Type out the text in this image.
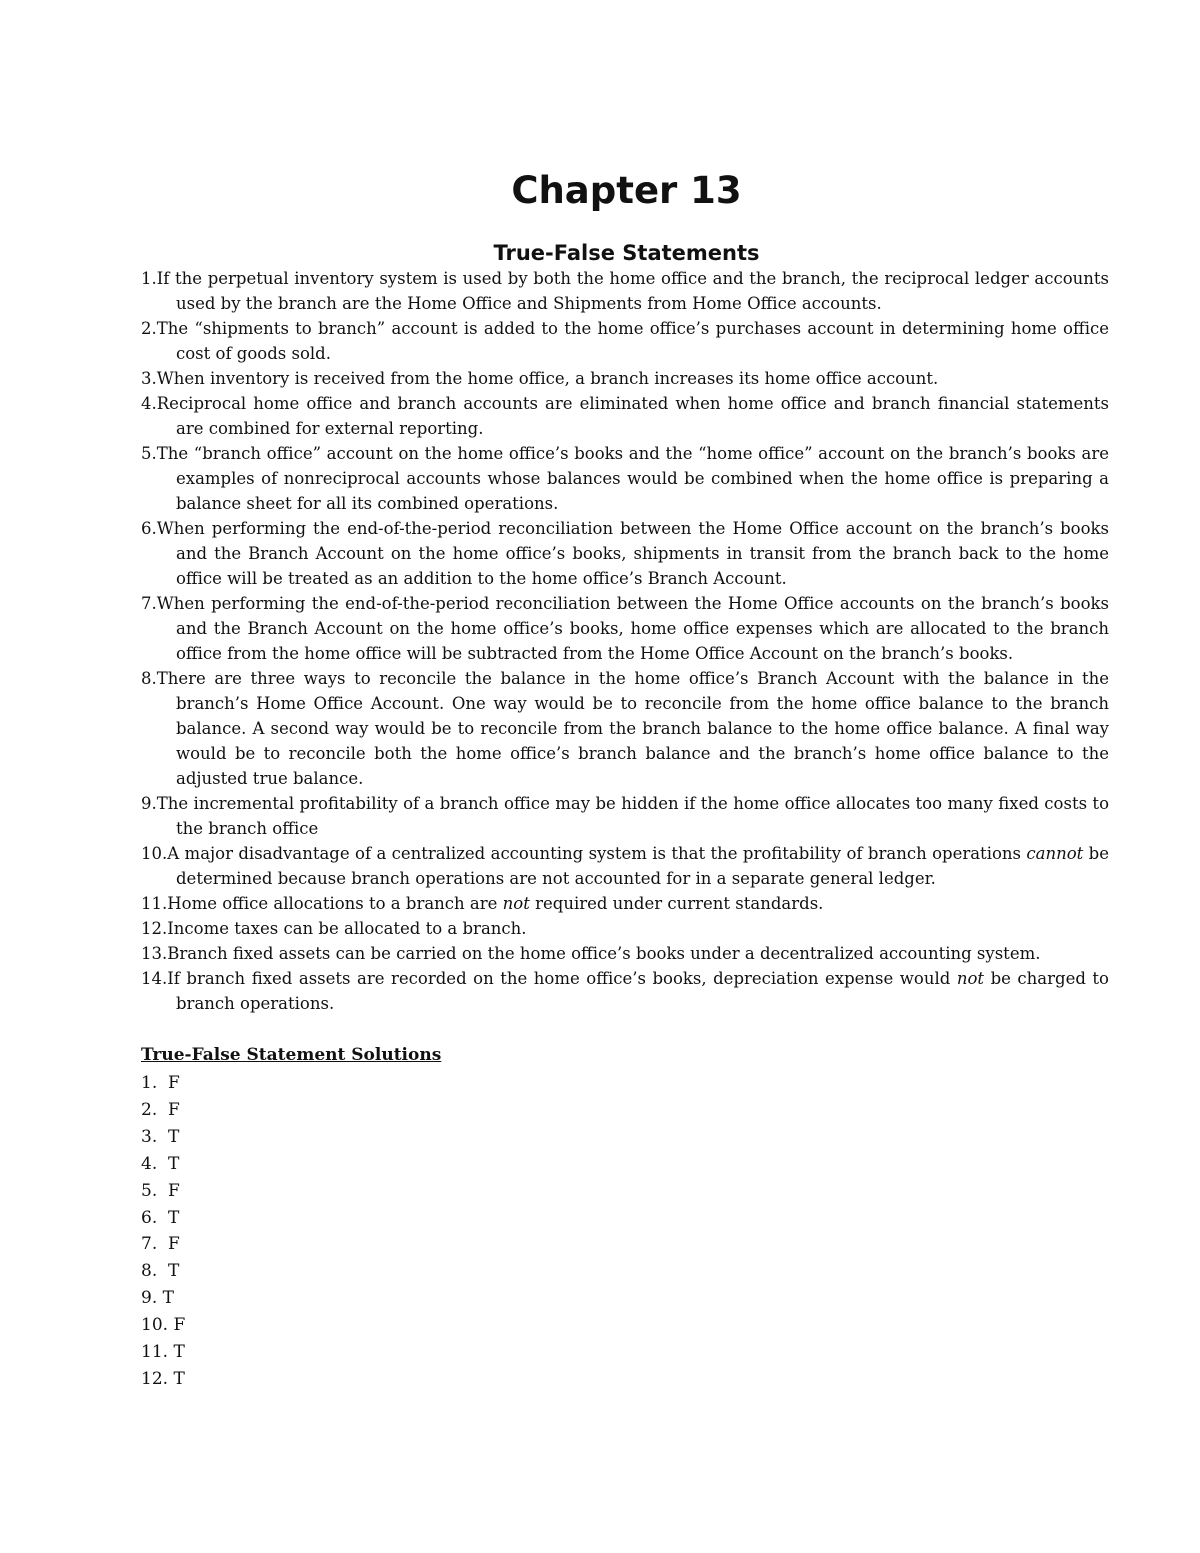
Chapter 13
True-False Statements
1.If the perpetual inventory system is used by both the home office and the branch, the reciprocal ledger accounts used by the branch are the Home Office and Shipments from Home Office accounts.
2.The “shipments to branch” account is added to the home office’s purchases account in determining home office cost of goods sold.
3.When inventory is received from the home office, a branch increases its home office account.
4.Reciprocal home office and branch accounts are eliminated when home office and branch financial statements are combined for external reporting.
5.The “branch office” account on the home office’s books and the “home office” account on the branch’s books are examples of nonreciprocal accounts whose balances would be combined when the home office is preparing a balance sheet for all its combined operations.
6.When performing the end-of-the-period reconciliation between the Home Office account on the branch’s books and the Branch Account on the home office’s books, shipments in transit from the branch back to the home office will be treated as an addition to the home office’s Branch Account.
7.When performing the end-of-the-period reconciliation between the Home Office accounts on the branch’s books and the Branch Account on the home office’s books, home office expenses which are allocated to the branch office from the home office will be subtracted from the Home Office Account on the branch’s books.
8.There are three ways to reconcile the balance in the home office’s Branch Account with the balance in the branch’s Home Office Account. One way would be to reconcile from the home office balance to the branch balance. A second way would be to reconcile from the branch balance to the home office balance. A final way would be to reconcile both the home office’s branch balance and the branch’s home office balance to the adjusted true balance.
9.The incremental profitability of a branch office may be hidden if the home office allocates too many fixed costs to the branch office
10.A major disadvantage of a centralized accounting system is that the profitability of branch operations cannot be determined because branch operations are not accounted for in a separate general ledger.
11.Home office allocations to a branch are not required under current standards.
12.Income taxes can be allocated to a branch.
13.Branch fixed assets can be carried on the home office’s books under a decentralized accounting system.
14.If branch fixed assets are recorded on the home office’s books, depreciation expense would not be charged to branch operations.
True-False Statement Solutions
1.  F
2.  F
3.  T
4.  T
5.  F
6.  T
7.  F
8.  T
9. T
10. F
11. T
12. T
